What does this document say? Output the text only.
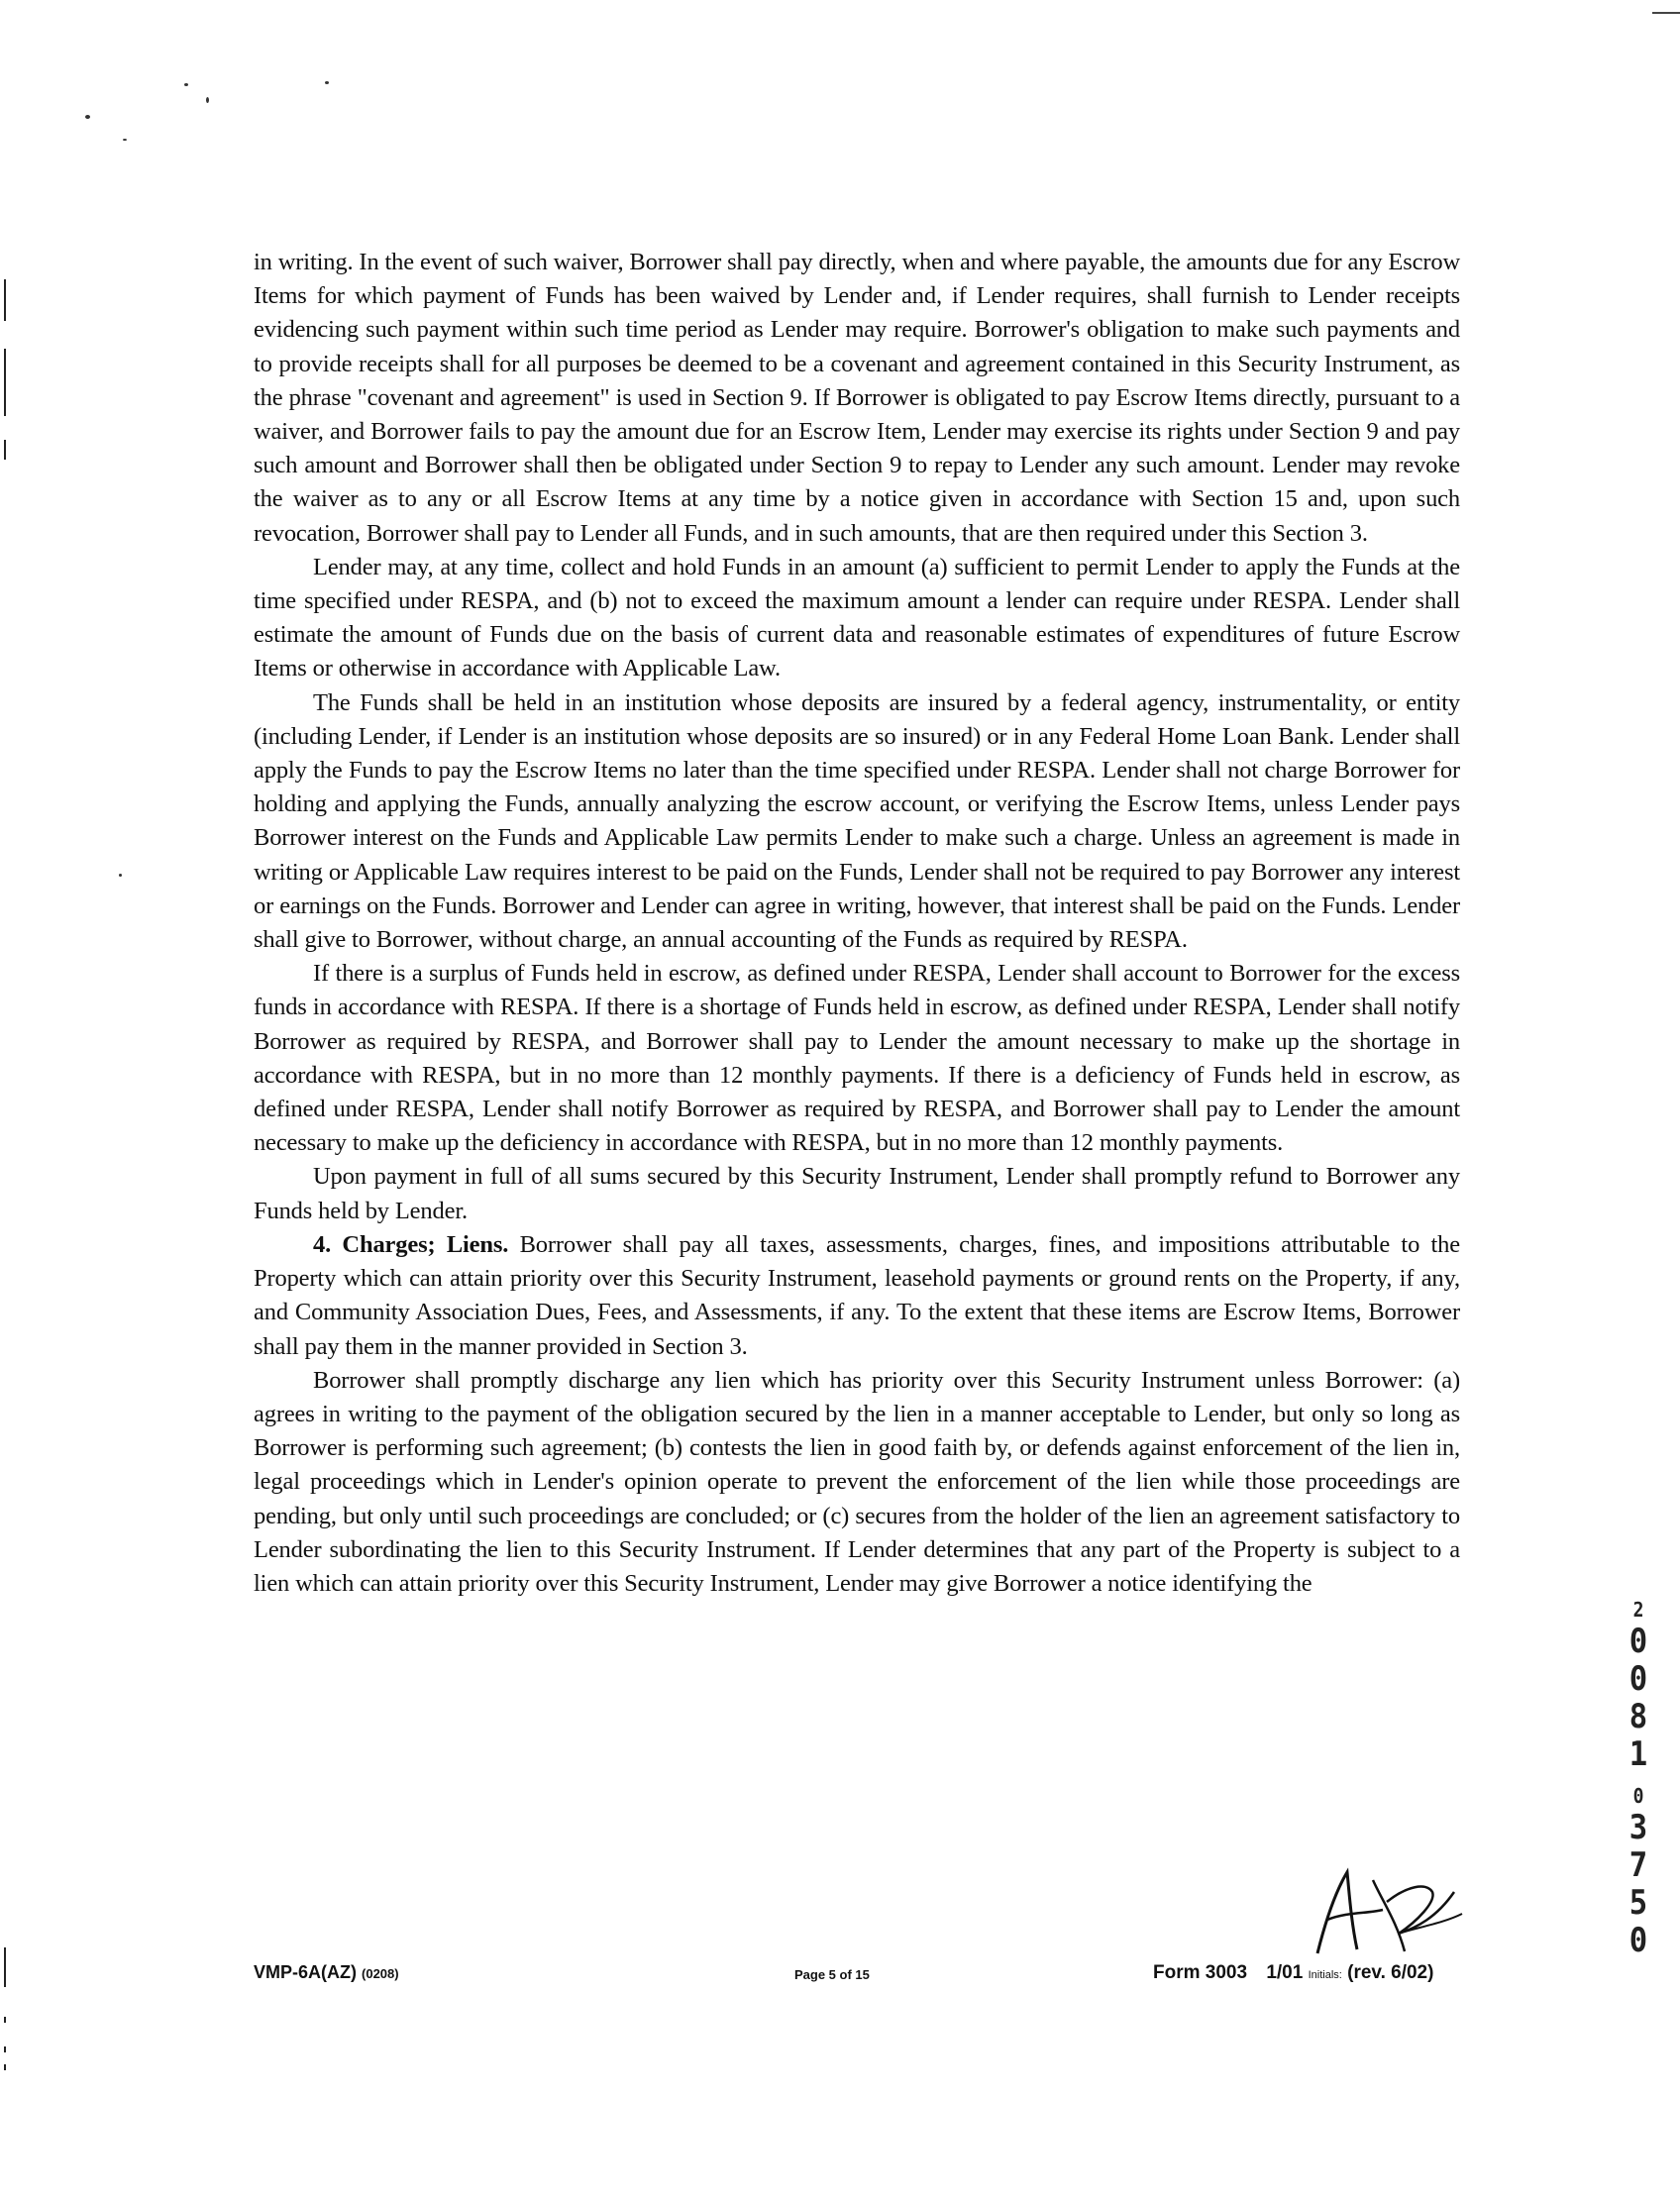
in writing. In the event of such waiver, Borrower shall pay directly, when and where payable, the amounts due for any Escrow Items for which payment of Funds has been waived by Lender and, if Lender requires, shall furnish to Lender receipts evidencing such payment within such time period as Lender may require. Borrower's obligation to make such payments and to provide receipts shall for all purposes be deemed to be a covenant and agreement contained in this Security Instrument, as the phrase "covenant and agreement" is used in Section 9. If Borrower is obligated to pay Escrow Items directly, pursuant to a waiver, and Borrower fails to pay the amount due for an Escrow Item, Lender may exercise its rights under Section 9 and pay such amount and Borrower shall then be obligated under Section 9 to repay to Lender any such amount. Lender may revoke the waiver as to any or all Escrow Items at any time by a notice given in accordance with Section 15 and, upon such revocation, Borrower shall pay to Lender all Funds, and in such amounts, that are then required under this Section 3.

Lender may, at any time, collect and hold Funds in an amount (a) sufficient to permit Lender to apply the Funds at the time specified under RESPA, and (b) not to exceed the maximum amount a lender can require under RESPA. Lender shall estimate the amount of Funds due on the basis of current data and reasonable estimates of expenditures of future Escrow Items or otherwise in accordance with Applicable Law.

The Funds shall be held in an institution whose deposits are insured by a federal agency, instrumentality, or entity (including Lender, if Lender is an institution whose deposits are so insured) or in any Federal Home Loan Bank. Lender shall apply the Funds to pay the Escrow Items no later than the time specified under RESPA. Lender shall not charge Borrower for holding and applying the Funds, annually analyzing the escrow account, or verifying the Escrow Items, unless Lender pays Borrower interest on the Funds and Applicable Law permits Lender to make such a charge. Unless an agreement is made in writing or Applicable Law requires interest to be paid on the Funds, Lender shall not be required to pay Borrower any interest or earnings on the Funds. Borrower and Lender can agree in writing, however, that interest shall be paid on the Funds. Lender shall give to Borrower, without charge, an annual accounting of the Funds as required by RESPA.

If there is a surplus of Funds held in escrow, as defined under RESPA, Lender shall account to Borrower for the excess funds in accordance with RESPA. If there is a shortage of Funds held in escrow, as defined under RESPA, Lender shall notify Borrower as required by RESPA, and Borrower shall pay to Lender the amount necessary to make up the shortage in accordance with RESPA, but in no more than 12 monthly payments. If there is a deficiency of Funds held in escrow, as defined under RESPA, Lender shall notify Borrower as required by RESPA, and Borrower shall pay to Lender the amount necessary to make up the deficiency in accordance with RESPA, but in no more than 12 monthly payments.

Upon payment in full of all sums secured by this Security Instrument, Lender shall promptly refund to Borrower any Funds held by Lender.

4. Charges; Liens. Borrower shall pay all taxes, assessments, charges, fines, and impositions attributable to the Property which can attain priority over this Security Instrument, leasehold payments or ground rents on the Property, if any, and Community Association Dues, Fees, and Assessments, if any. To the extent that these items are Escrow Items, Borrower shall pay them in the manner provided in Section 3.

Borrower shall promptly discharge any lien which has priority over this Security Instrument unless Borrower: (a) agrees in writing to the payment of the obligation secured by the lien in a manner acceptable to Lender, but only so long as Borrower is performing such agreement; (b) contests the lien in good faith by, or defends against enforcement of the lien in, legal proceedings which in Lender's opinion operate to prevent the enforcement of the lien while those proceedings are pending, but only until such proceedings are concluded; or (c) secures from the holder of the lien an agreement satisfactory to Lender subordinating the lien to this Security Instrument. If Lender determines that any part of the Property is subject to a lien which can attain priority over this Security Instrument, Lender may give Borrower a notice identifying the

2
0
0
8
1
0
3
7
5
0
VMP-6A(AZ) (0208)	Page 5 of 15	Form 3003 1/01 Initials: (rev. 6/02)
